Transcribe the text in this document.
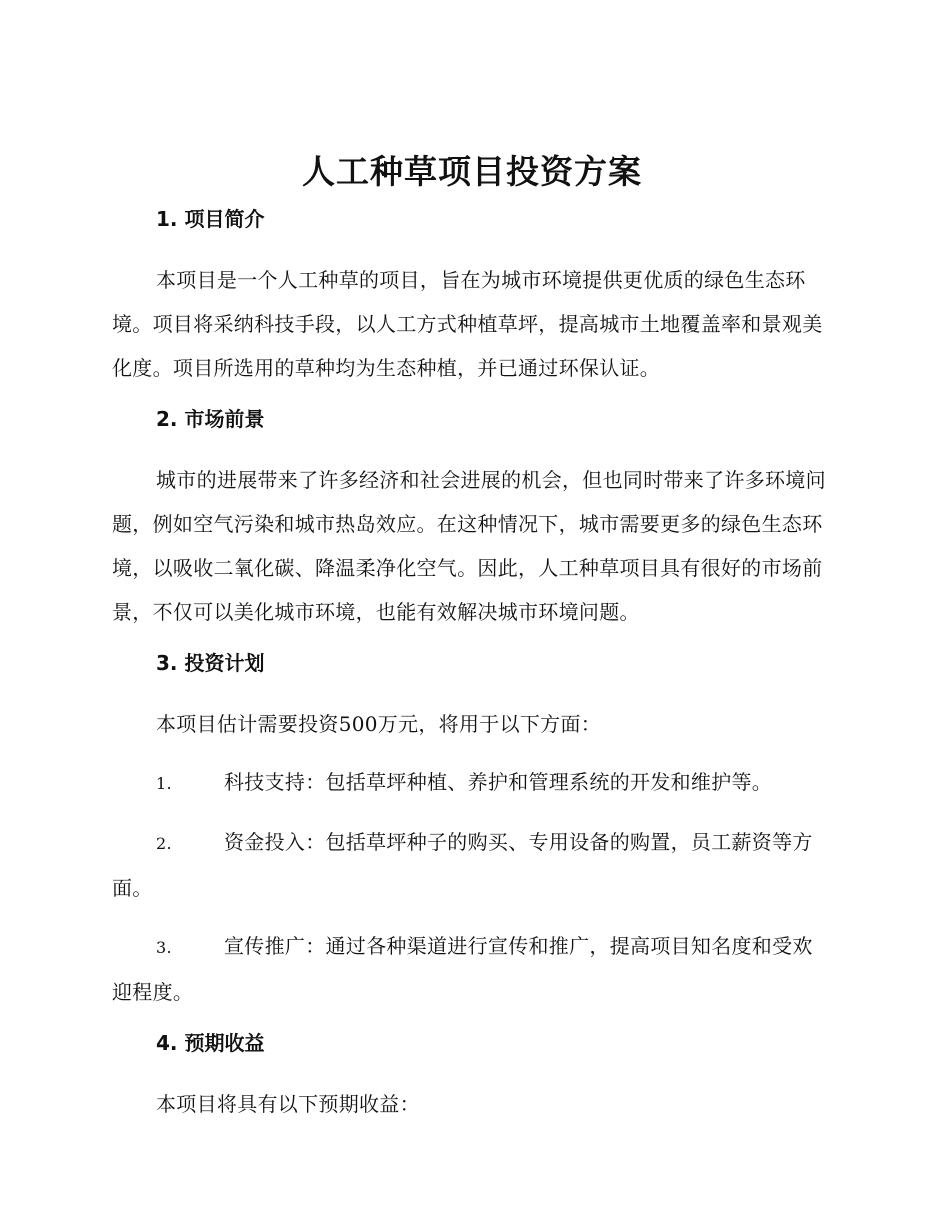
人工种草项目投资方案
1. 项目简介

本项目是一个人工种草的项目，旨在为城市环境提供更优质的绿色生态环境。项目将采纳科技手段，以人工方式种植草坪，提高城市土地覆盖率和景观美化度。项目所选用的草种均为生态种植，并已通过环保认证。

2. 市场前景

城市的进展带来了许多经济和社会进展的机会，但也同时带来了许多环境问题，例如空气污染和城市热岛效应。在这种情况下，城市需要更多的绿色生态环境，以吸收二氧化碳、降温柔净化空气。因此，人工种草项目具有很好的市场前景，不仅可以美化城市环境，也能有效解决城市环境问题。

3. 投资计划

本项目估计需要投资500万元，将用于以下方面：

1.	科技支持：包括草坪种植、养护和管理系统的开发和维护等。

2.	资金投入：包括草坪种子的购买、专用设备的购置，员工薪资等方面。

3.	宣传推广：通过各种渠道进行宣传和推广，提高项目知名度和受欢迎程度。

4. 预期收益

本项目将具有以下预期收益：
